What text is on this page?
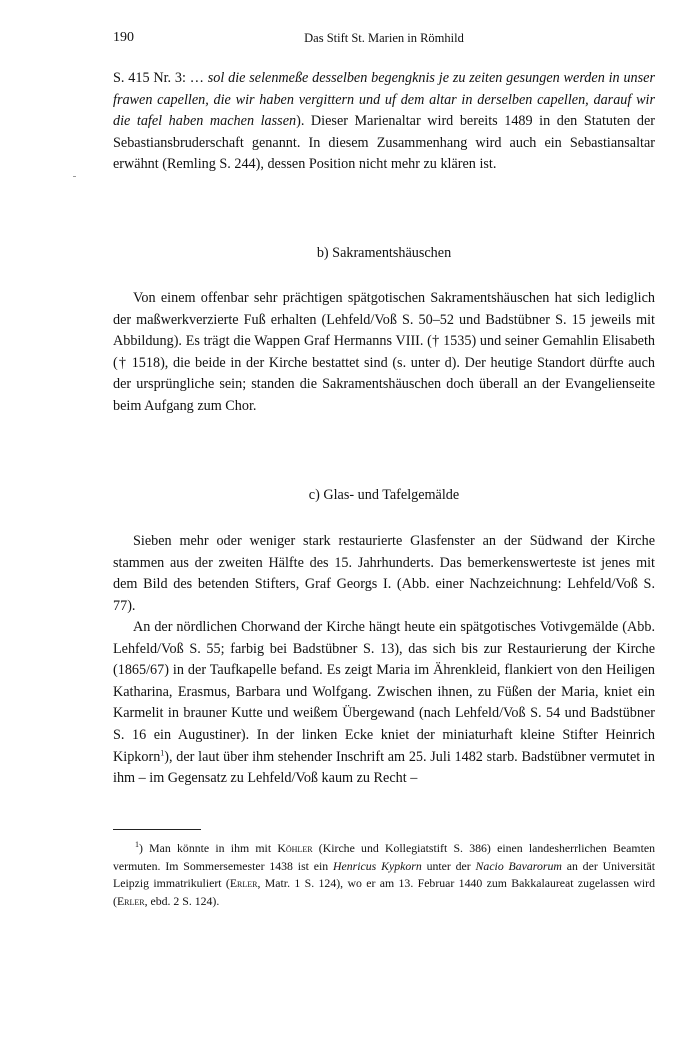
190	Das Stift St. Marien in Römhild

S. 415 Nr. 3: … sol die selenmeße desselben begengknis je zu zeiten gesungen werden in unser frawen capellen, die wir haben vergittern und uf dem altar in derselben capellen, darauf wir die tafel haben machen lassen). Dieser Marienaltar wird bereits 1489 in den Statuten der Sebastiansbruderschaft genannt. In diesem Zusammenhang wird auch ein Sebastiansaltar erwähnt (Remling S. 244), dessen Position nicht mehr zu klären ist.

b) Sakramentshäuschen

Von einem offenbar sehr prächtigen spätgotischen Sakramentshäuschen hat sich lediglich der maßwerkverzierte Fuß erhalten (Lehfeld/Voß S. 50–52 und Badstübner S. 15 jeweils mit Abbildung). Es trägt die Wappen Graf Hermanns VIII. († 1535) und seiner Gemahlin Elisabeth († 1518), die beide in der Kirche bestattet sind (s. unter d). Der heutige Standort dürfte auch der ursprüngliche sein; standen die Sakramentshäuschen doch überall an der Evangelienseite beim Aufgang zum Chor.

c) Glas- und Tafelgemälde

Sieben mehr oder weniger stark restaurierte Glasfenster an der Südwand der Kirche stammen aus der zweiten Hälfte des 15. Jahrhunderts. Das bemerkenswerteste ist jenes mit dem Bild des betenden Stifters, Graf Georgs I. (Abb. einer Nachzeichnung: Lehfeld/Voß S. 77).

An der nördlichen Chorwand der Kirche hängt heute ein spätgotisches Votivgemälde (Abb. Lehfeld/Voß S. 55; farbig bei Badstübner S. 13), das sich bis zur Restaurierung der Kirche (1865/67) in der Taufkapelle befand. Es zeigt Maria im Ährenkleid, flankiert von den Heiligen Katharina, Erasmus, Barbara und Wolfgang. Zwischen ihnen, zu Füßen der Maria, kniet ein Karmelit in brauner Kutte und weißem Übergewand (nach Lehfeld/Voß S. 54 und Badstübner S. 16 ein Augustiner). In der linken Ecke kniet der miniaturhaft kleine Stifter Heinrich Kipkorn$^1$), der laut über ihm stehender Inschrift am 25. Juli 1482 starb. Badstübner vermutet in ihm – im Gegensatz zu Lehfeld/Voß kaum zu Recht –

$^1$) Man könnte in ihm mit Köhler (Kirche und Kollegiatstift S. 386) einen landesherrlichen Beamten vermuten. Im Sommersemester 1438 ist ein Henricus Kypkorn unter der Nacio Bavarorum an der Universität Leipzig immatrikuliert (Erler, Matr. 1 S. 124), wo er am 13. Februar 1440 zum Bakkalaureat zugelassen wird (Erler, ebd. 2 S. 124).
